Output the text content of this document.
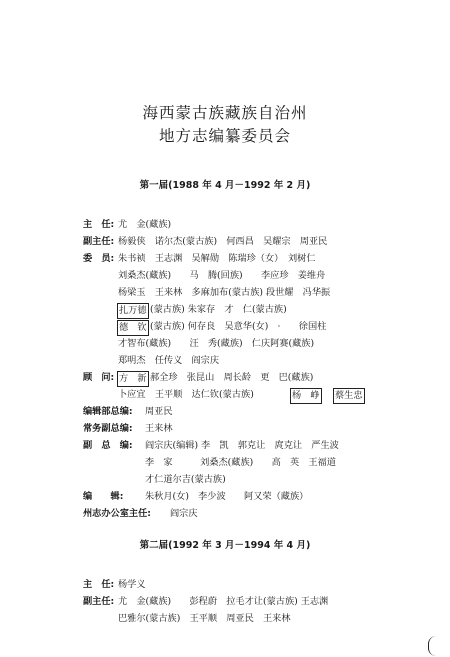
海西蒙古族藏族自治州
地方志编纂委员会
第一届(1988 年 4 月－1992 年 2 月)
主　任: 尤　金(藏族)
副主任: 杨毅侠　诺尔杰(蒙古族)　何西昌　吴耀宗　周亚民
委　员: 朱书祯　王志渊　吴解勋　陈瑞珍（女）　刘树仁
刘桑杰(藏族)　　马　腾(回族)　　李应珍　姜维舟
杨梁玉　王来林　多麻加布(蒙古族) 段世耀　冯华振
扎万德 (蒙古族) 朱家存　才　仁(蒙古族)
德　钦 (蒙古族) 何存良　吴意华(女)　·　　徐国柱
才智布(藏族)　　汪　秀(藏族)　仁庆阿赛(藏族)
郑明杰　任传义　阎宗庆
顾　问: 方　新 郝全珍　张昆山　周长龄　更　巴(藏族)
卜应宜　王平顺　达仁钦(蒙古族)	杨　峥 蔡生忠
编辑部总编: 周亚民
常务副总编: 王来林
副　总　编: 阎宗庆(编辑) 李　凯　郭克让　庹克让　严生波
李　家　　　刘桑杰(藏族)　　高　英　王福道
才仁道尔吉(蒙古族)
编　　辑: 朱秋月(女)　李少波　　阿又荣（藏族）
州志办公室主任: 阎宗庆
第二届(1992 年 3 月－1994 年 4 月)
主　任: 杨学义
副主任: 尤　金(藏族)　　彭程蔚　拉毛才让(蒙古族) 王志渊
巴雅尔(蒙古族)　王平顺　周亚民　王来林
